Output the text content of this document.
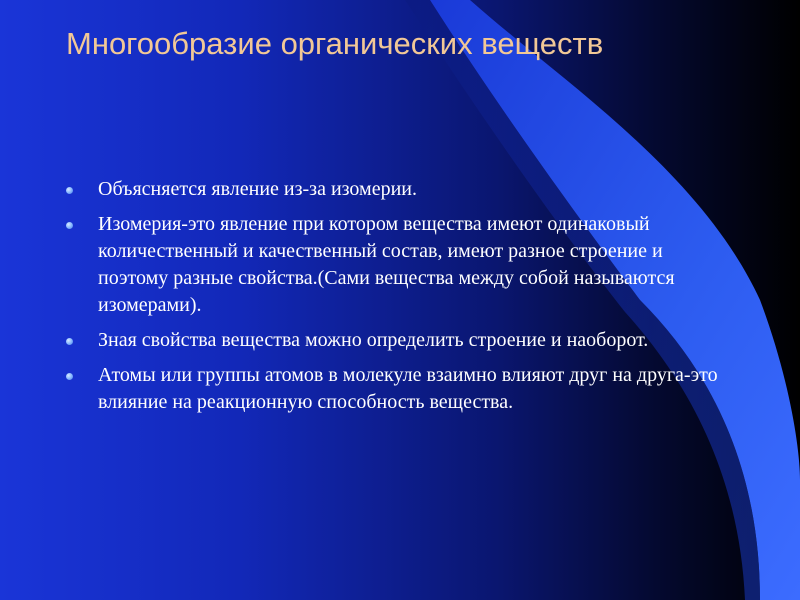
Многообразие органических веществ
Объясняется явление из-за изомерии.
Изомерия-это явление при котором вещества имеют одинаковый количественный и качественный состав, имеют разное строение и поэтому разные свойства.(Сами вещества между собой называются изомерами).
Зная свойства вещества можно определить строение и наоборот.
Атомы или группы атомов в молекуле взаимно влияют друг на друга-это влияние на реакционную способность вещества.
